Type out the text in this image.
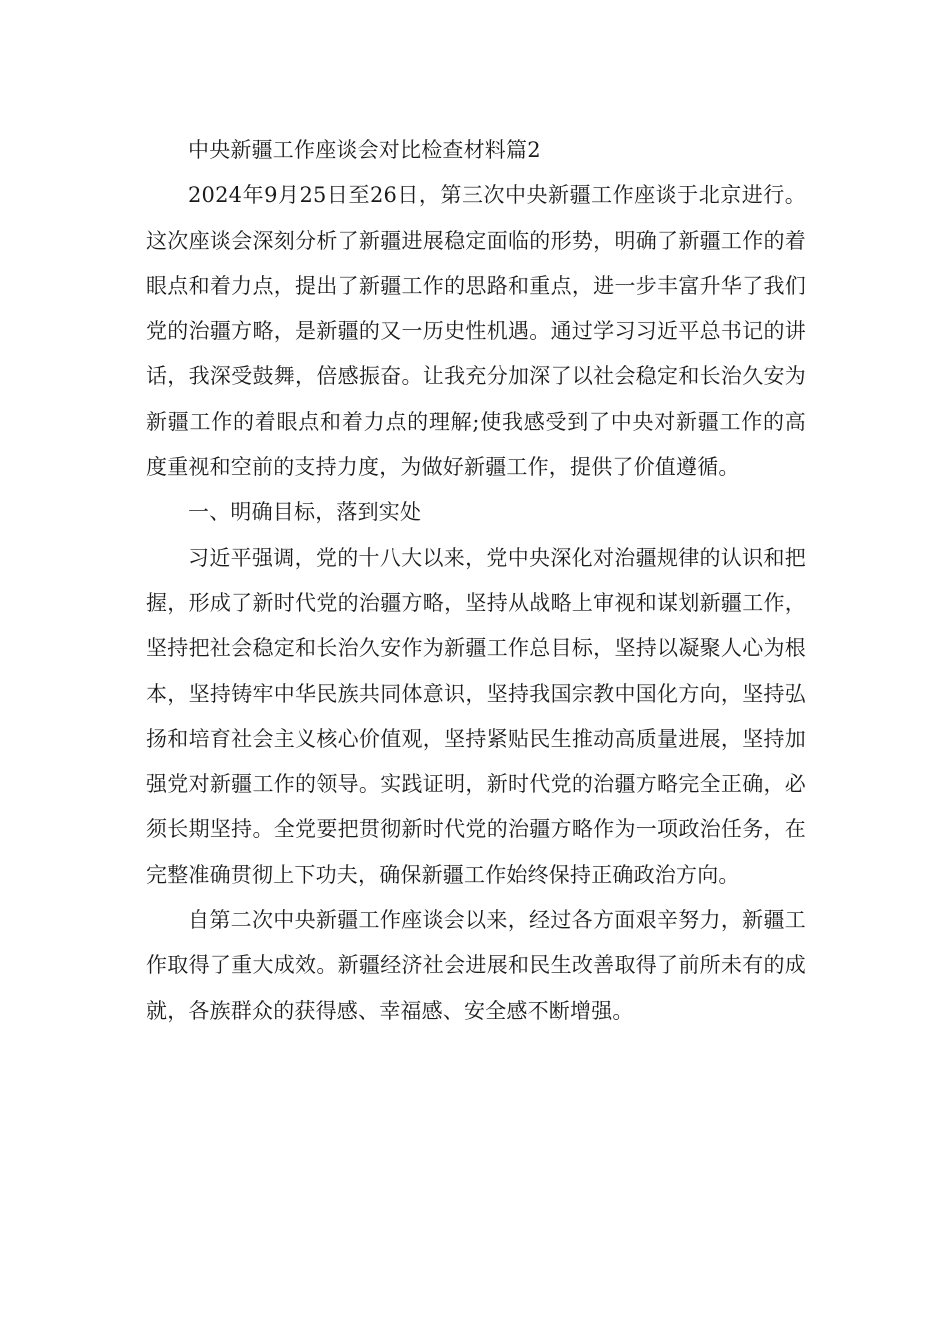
中央新疆工作座谈会对比检查材料篇2

2024年9月25日至26日，第三次中央新疆工作座谈于北京进行。这次座谈会深刻分析了新疆进展稳定面临的形势，明确了新疆工作的着眼点和着力点，提出了新疆工作的思路和重点，进一步丰富升华了我们党的治疆方略，是新疆的又一历史性机遇。通过学习习近平总书记的讲话，我深受鼓舞，倍感振奋。让我充分加深了以社会稳定和长治久安为新疆工作的着眼点和着力点的理解;使我感受到了中央对新疆工作的高度重视和空前的支持力度，为做好新疆工作，提供了价值遵循。

一、明确目标，落到实处

习近平强调，党的十八大以来，党中央深化对治疆规律的认识和把握，形成了新时代党的治疆方略，坚持从战略上审视和谋划新疆工作，坚持把社会稳定和长治久安作为新疆工作总目标，坚持以凝聚人心为根本，坚持铸牢中华民族共同体意识，坚持我国宗教中国化方向，坚持弘扬和培育社会主义核心价值观，坚持紧贴民生推动高质量进展，坚持加强党对新疆工作的领导。实践证明，新时代党的治疆方略完全正确，必须长期坚持。全党要把贯彻新时代党的治疆方略作为一项政治任务，在完整准确贯彻上下功夫，确保新疆工作始终保持正确政治方向。

自第二次中央新疆工作座谈会以来，经过各方面艰辛努力，新疆工作取得了重大成效。新疆经济社会进展和民生改善取得了前所未有的成就，各族群众的获得感、幸福感、安全感不断增强。
